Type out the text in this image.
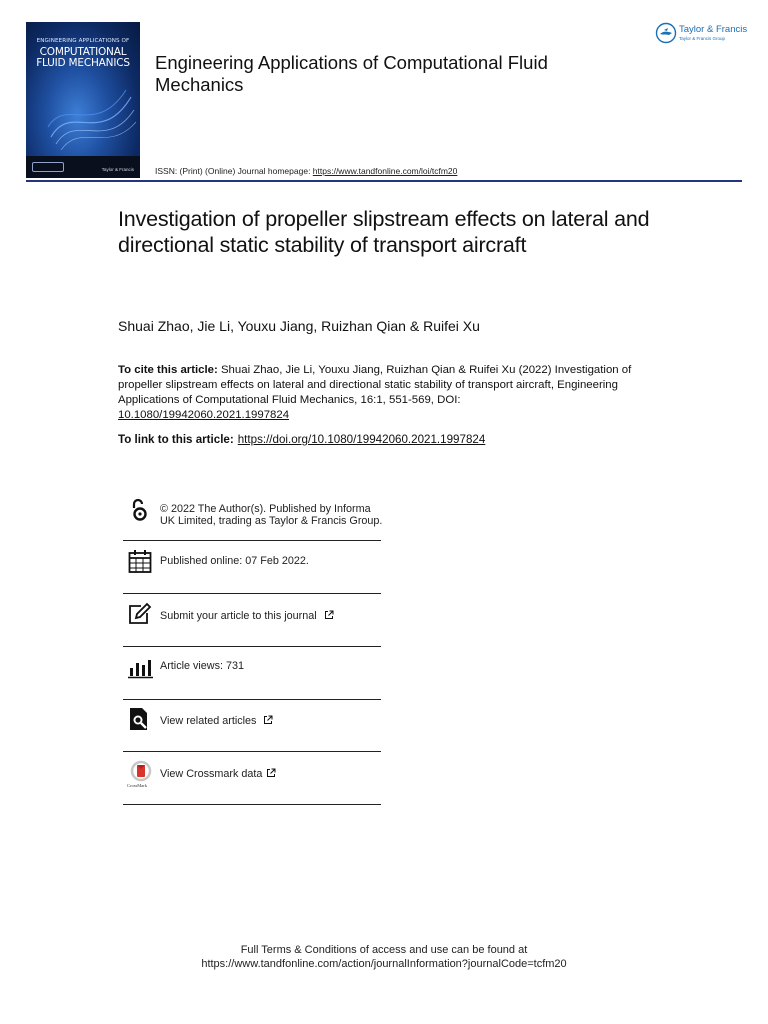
ENGINEERING APPLICATIONS OF
COMPUTATIONAL
FLUID MECHANICS
Taylor & Francis
Engineering Applications of Computational Fluid Mechanics
ISSN: (Print) (Online) Journal homepage: https://www.tandfonline.com/loi/tcfm20
Taylor & Francis
Taylor & Francis Group
Investigation of propeller slipstream effects on lateral and directional static stability of transport aircraft
Shuai Zhao, Jie Li, Youxu Jiang, Ruizhan Qian & Ruifei Xu
To cite this article: Shuai Zhao, Jie Li, Youxu Jiang, Ruizhan Qian & Ruifei Xu (2022) Investigation of propeller slipstream effects on lateral and directional static stability of transport aircraft, Engineering Applications of Computational Fluid Mechanics, 16:1, 551-569, DOI:
10.1080/19942060.2021.1997824
To link to this article: https://doi.org/10.1080/19942060.2021.1997824
© 2022 The Author(s). Published by Informa UK Limited, trading as Taylor & Francis Group.
Published online: 07 Feb 2022.
Submit your article to this journal
Article views: 731
View related articles
CrossMark
View Crossmark data
Full Terms & Conditions of access and use can be found at
https://www.tandfonline.com/action/journalInformation?journalCode=tcfm20
